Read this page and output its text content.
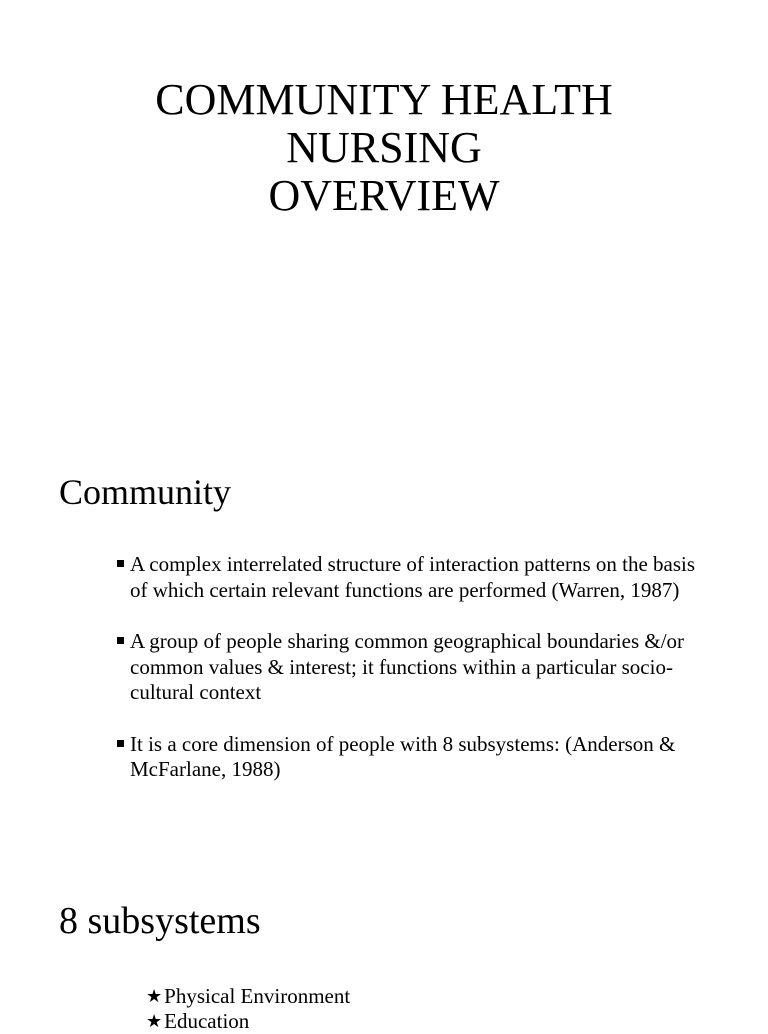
COMMUNITY HEALTH
NURSING
OVERVIEW
Community
A complex interrelated structure of interaction patterns on the basis of which certain relevant functions are performed (Warren, 1987)
A group of people sharing common geographical boundaries &/or common values & interest; it functions within a particular socio-cultural context
It is a core dimension of people with 8 subsystems: (Anderson & McFarlane, 1988)
8 subsystems
★Physical Environment
★Education
